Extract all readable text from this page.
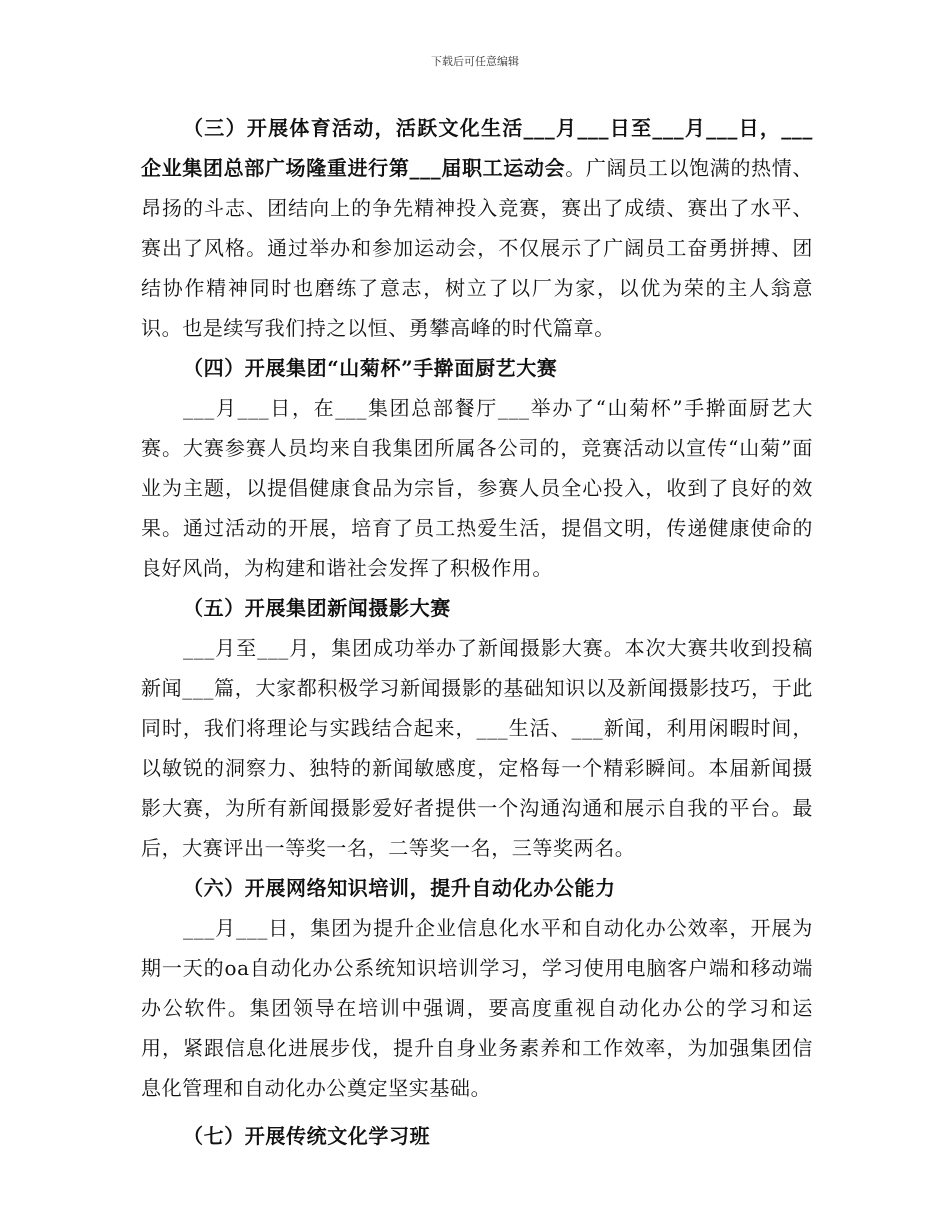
下载后可任意编辑

（三）开展体育活动，活跃文化生活___月___日至___月___日，___企业集团总部广场隆重进行第___届职工运动会。广阔员工以饱满的热情、昂扬的斗志、团结向上的争先精神投入竞赛，赛出了成绩、赛出了水平、赛出了风格。通过举办和参加运动会，不仅展示了广阔员工奋勇拼搏、团结协作精神同时也磨练了意志，树立了以厂为家，以优为荣的主人翁意识。也是续写我们持之以恒、勇攀高峰的时代篇章。

（四）开展集团“山菊杯”手擀面厨艺大赛

___月___日，在___集团总部餐厅___举办了“山菊杯”手擀面厨艺大赛。大赛参赛人员均来自我集团所属各公司的，竞赛活动以宣传“山菊”面业为主题，以提倡健康食品为宗旨，参赛人员全心投入，收到了良好的效果。通过活动的开展，培育了员工热爱生活，提倡文明，传递健康使命的良好风尚，为构建和谐社会发挥了积极作用。

（五）开展集团新闻摄影大赛

___月至___月，集团成功举办了新闻摄影大赛。本次大赛共收到投稿新闻___篇，大家都积极学习新闻摄影的基础知识以及新闻摄影技巧，于此同时，我们将理论与实践结合起来，___生活、___新闻，利用闲暇时间，以敏锐的洞察力、独特的新闻敏感度，定格每一个精彩瞬间。本届新闻摄影大赛，为所有新闻摄影爱好者提供一个沟通沟通和展示自我的平台。最后，大赛评出一等奖一名，二等奖一名，三等奖两名。

（六）开展网络知识培训，提升自动化办公能力

___月___日，集团为提升企业信息化水平和自动化办公效率，开展为期一天的oa自动化办公系统知识培训学习，学习使用电脑客户端和移动端办公软件。集团领导在培训中强调，要高度重视自动化办公的学习和运用，紧跟信息化进展步伐，提升自身业务素养和工作效率，为加强集团信息化管理和自动化办公奠定坚实基础。

（七）开展传统文化学习班
